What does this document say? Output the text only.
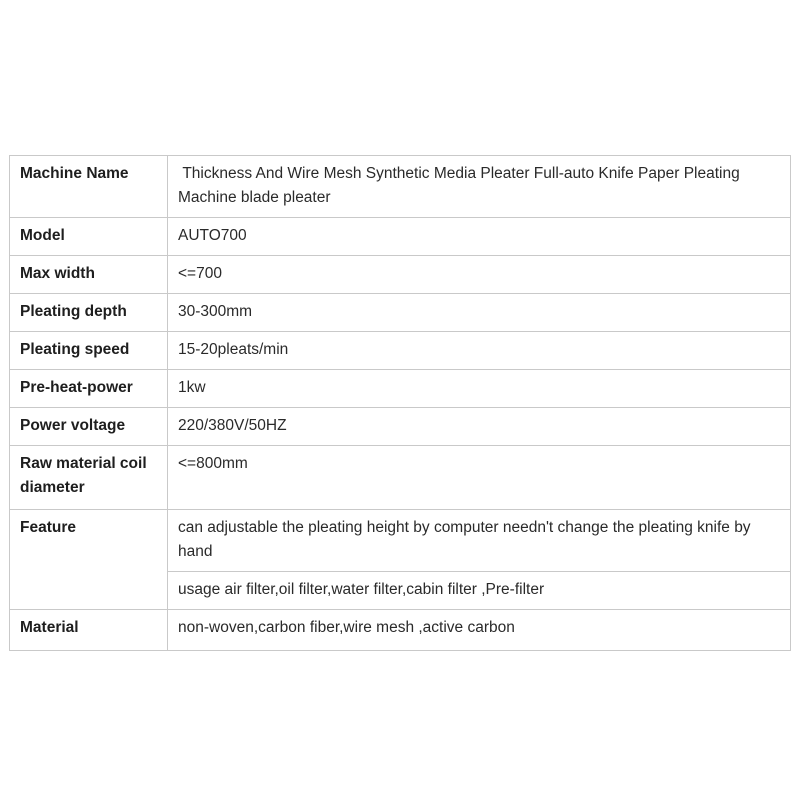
Machine Name	Thickness And Wire Mesh Synthetic Media Pleater Full-auto Knife Paper Pleating Machine blade pleater
Model	AUTO700
Max width	<=700
Pleating depth	30-300mm
Pleating speed	15-20pleats/min
Pre-heat-power	1kw
Power voltage	220/380V/50HZ
Raw material coil diameter	<=800mm
Feature	can adjustable the pleating height by computer needn't change the pleating knife by hand
	usage air filter,oil filter,water filter,cabin filter ,Pre-filter
Material	non-woven,carbon fiber,wire mesh ,active carbon
